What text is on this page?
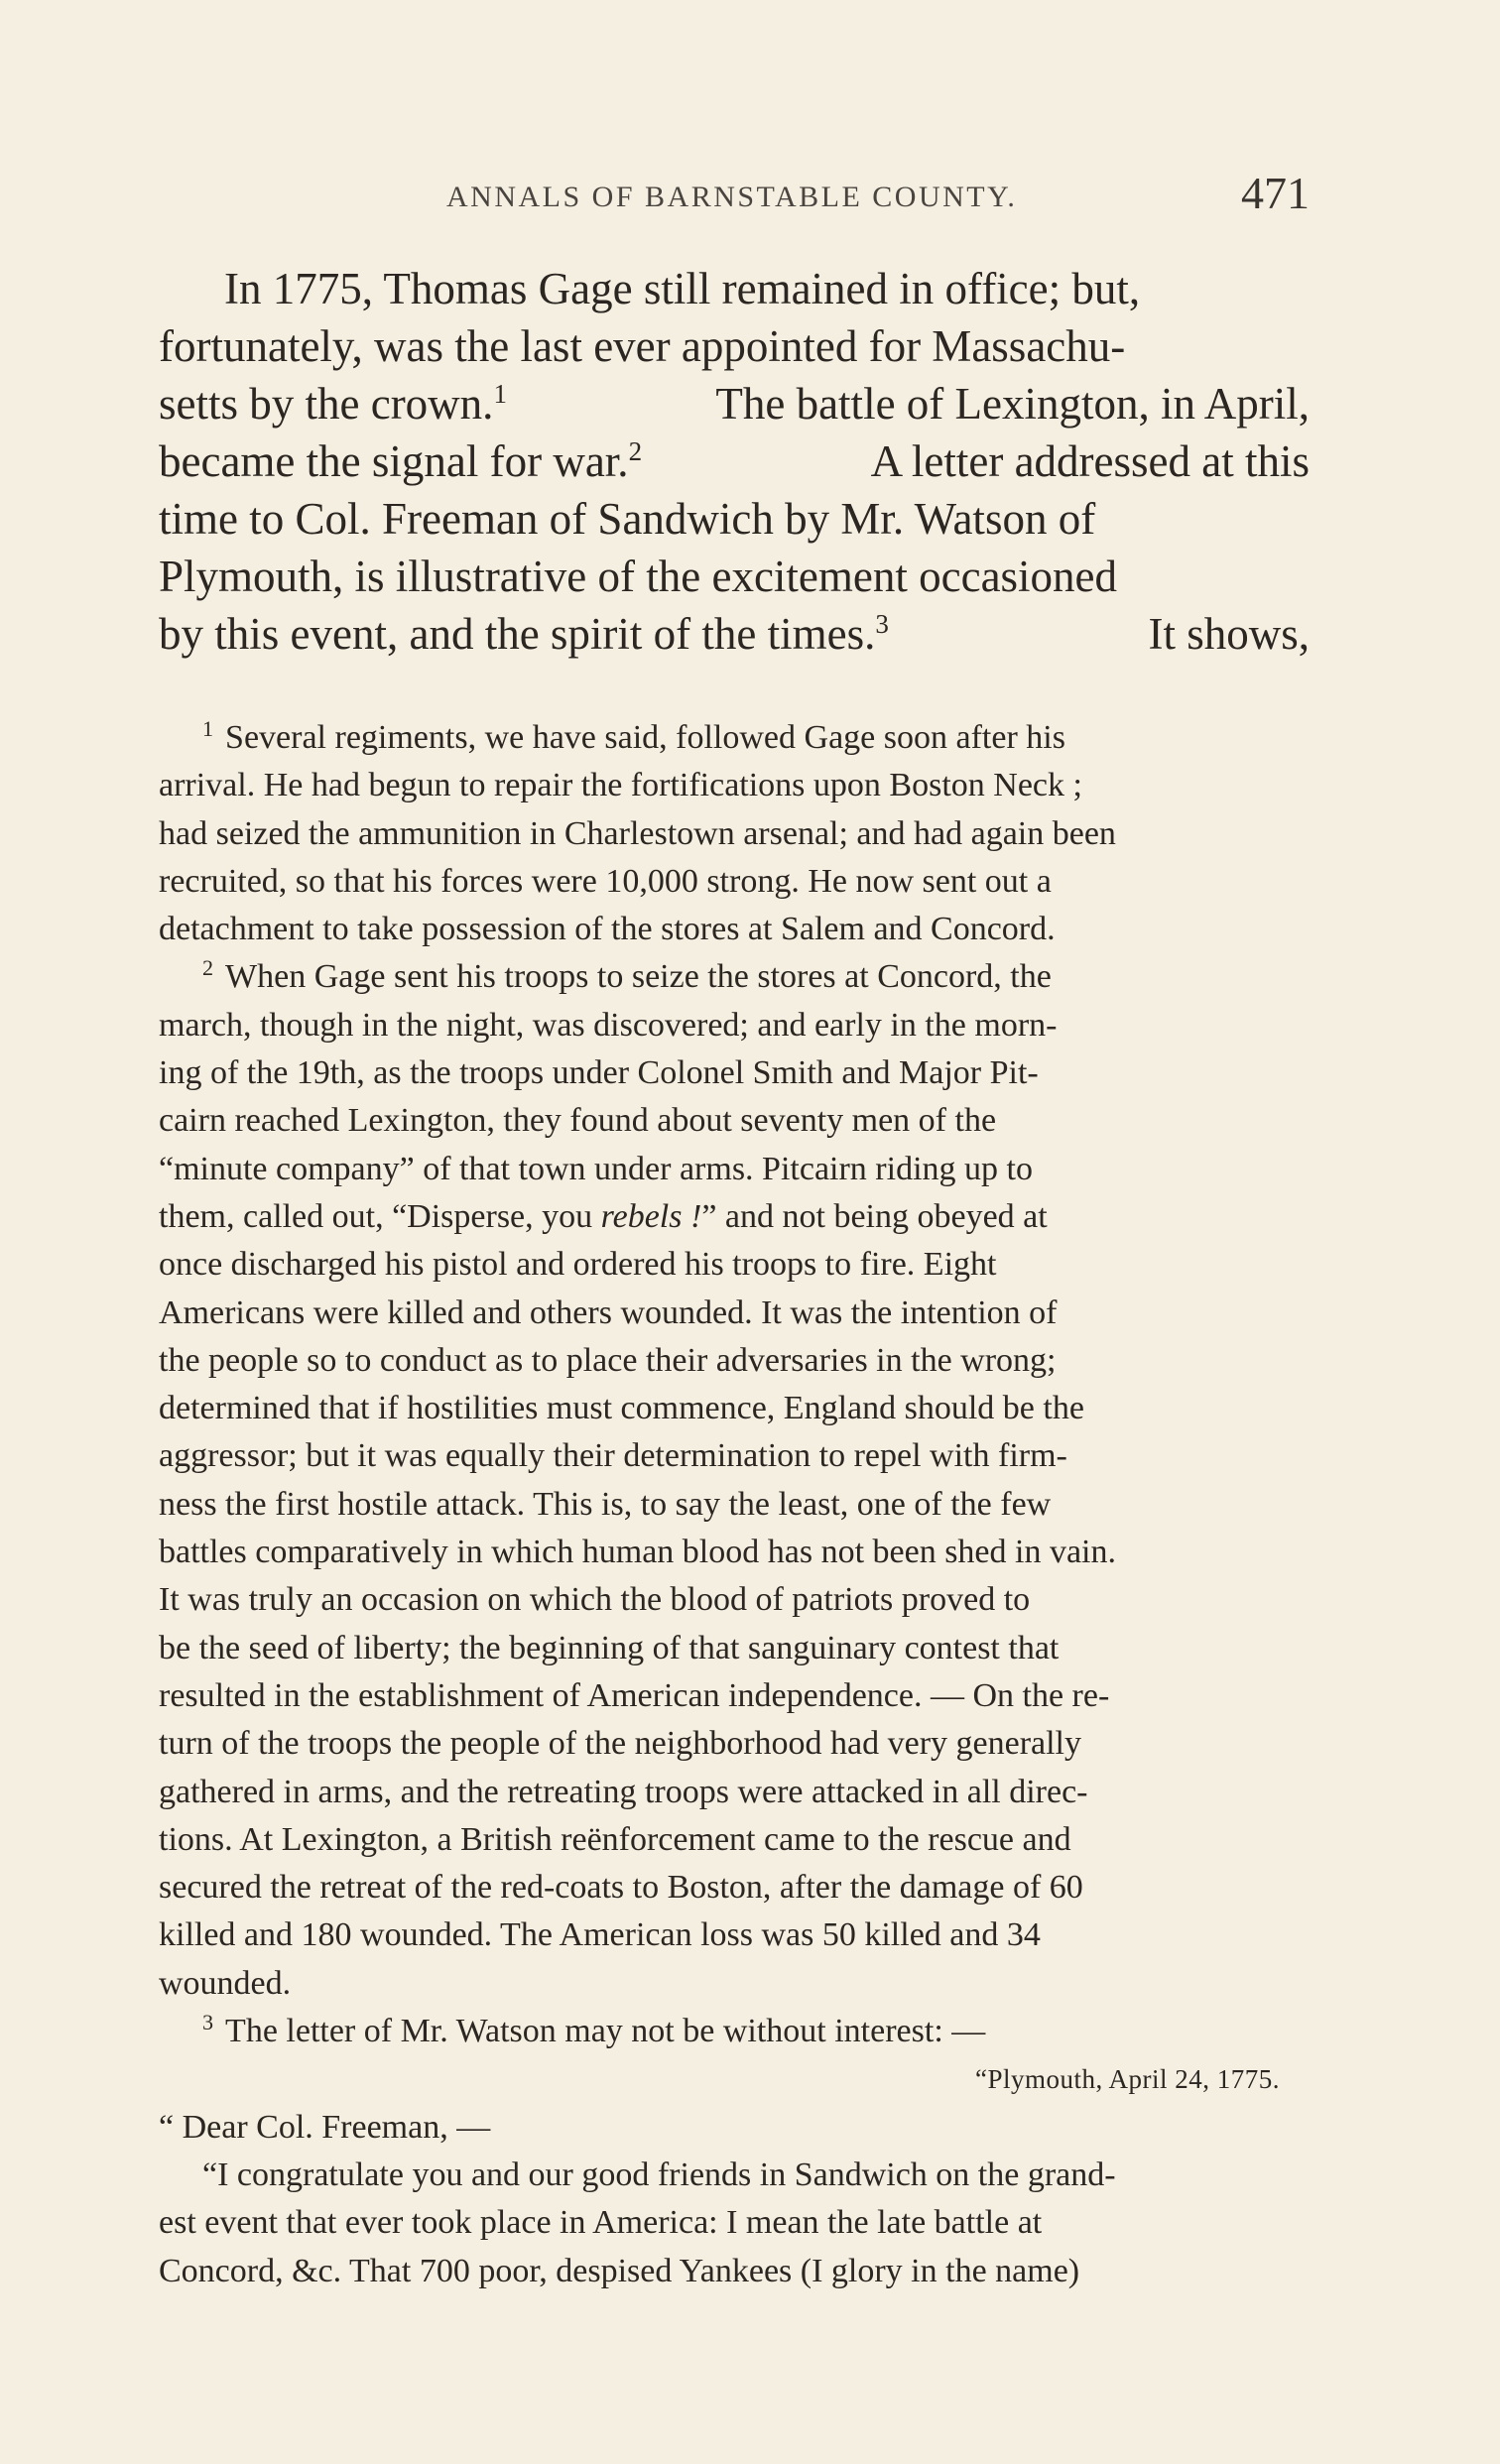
ANNALS OF BARNSTABLE COUNTY.	471
In 1775, Thomas Gage still remained in office; but,
fortunately, was the last ever appointed for Massachu-
setts by the crown.$^1$	The battle of Lexington, in April,
became the signal for war.$^2$	A letter addressed at this
time to Col. Freeman of Sandwich by Mr. Watson of
Plymouth, is illustrative of the excitement occasioned
by this event, and the spirit of the times.$^3$	It shows,
$^1$ Several regiments, we have said, followed Gage soon after his
arrival. He had begun to repair the fortifications upon Boston Neck ;
had seized the ammunition in Charlestown arsenal; and had again been
recruited, so that his forces were 10,000 strong. He now sent out a
detachment to take possession of the stores at Salem and Concord.
$^2$ When Gage sent his troops to seize the stores at Concord, the
march, though in the night, was discovered; and early in the morn-
ing of the 19th, as the troops under Colonel Smith and Major Pit-
cairn reached Lexington, they found about seventy men of the
“minute company” of that town under arms. Pitcairn riding up to
them, called out, “Disperse, you rebels !” and not being obeyed at
once discharged his pistol and ordered his troops to fire. Eight
Americans were killed and others wounded. It was the intention of
the people so to conduct as to place their adversaries in the wrong;
determined that if hostilities must commence, England should be the
aggressor; but it was equally their determination to repel with firm-
ness the first hostile attack. This is, to say the least, one of the few
battles comparatively in which human blood has not been shed in vain.
It was truly an occasion on which the blood of patriots proved to
be the seed of liberty; the beginning of that sanguinary contest that
resulted in the establishment of American independence. — On the re-
turn of the troops the people of the neighborhood had very generally
gathered in arms, and the retreating troops were attacked in all direc-
tions. At Lexington, a British reënforcement came to the rescue and
secured the retreat of the red-coats to Boston, after the damage of 60
killed and 180 wounded. The American loss was 50 killed and 34
wounded.
$^3$ The letter of Mr. Watson may not be without interest: —
“Plymouth, April 24, 1775.
“ Dear Col. Freeman, —
“I congratulate you and our good friends in Sandwich on the grand-
est event that ever took place in America: I mean the late battle at
Concord, &c. That 700 poor, despised Yankees (I glory in the name)
